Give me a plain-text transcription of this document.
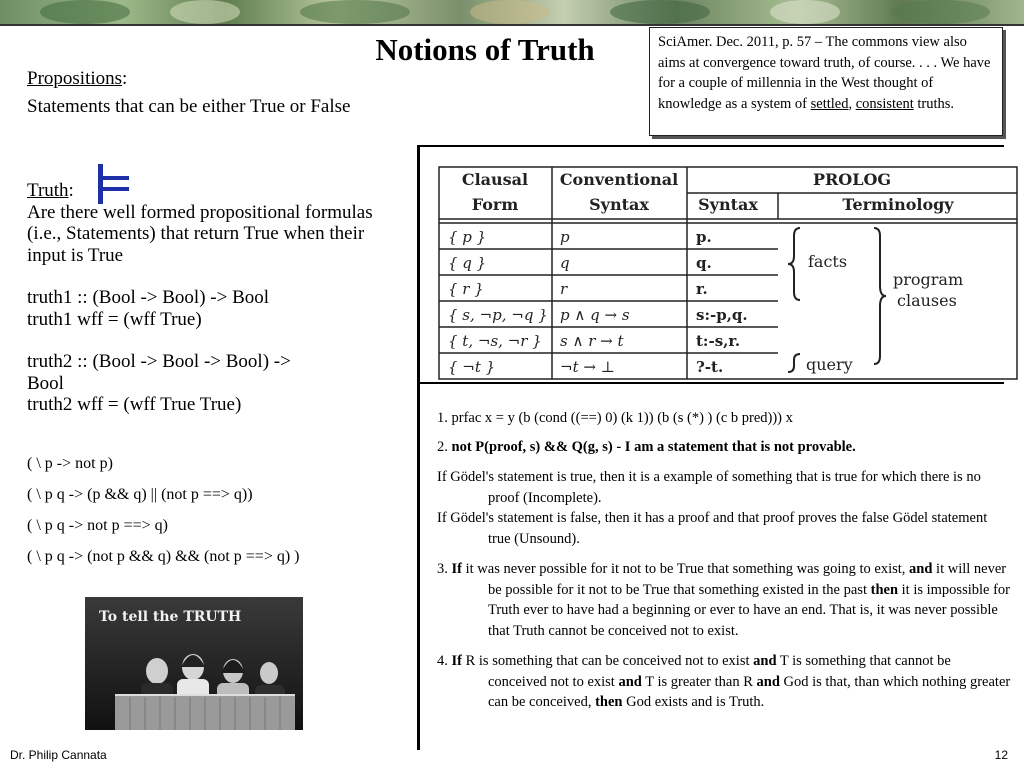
Notions of Truth
Propositions:
Statements that can be either True or False
SciAmer. Dec. 2011, p. 57 – The commons view also aims at convergence toward truth, of course. . . . We have for a couple of millennia in the West thought of knowledge as a system of settled, consistent truths.
Truth:
Are there well formed propositional formulas (i.e., Statements) that return True when their input is True
truth1 :: (Bool -> Bool) -> Bool
truth1 wff = (wff True)
truth2 :: (Bool -> Bool -> Bool) ->
Bool
truth2 wff = (wff True True)
( \ p -> not p)
( \ p q -> (p && q) || (not p ==> q))
( \ p q -> not p ==> q)
( \ p q -> (not p && q) && (not p ==> q) )
To tell the TRUTH
Clausal
Form
Conventional
Syntax
PROLOG
Syntax	Terminology
{ p }
{ q }
{ r }
{ s, ¬p, ¬q }
{ t, ¬s, ¬r }
{ ¬t }
p
q
r
p ∧ q → s
s ∧ r → t
¬t → ⊥
p.
q.
r.
s:-p,q.
t:-s,r.
?-t.
facts
program
clauses
query

1. prfac x = y (b (cond ((==) 0) (k 1)) (b (s (*) ) (c b pred))) x

2. not P(proof, s) && Q(g, s) - I am a statement that is not provable.

If Gödel's statement is true, then it is a example of something that is true for which there is no proof (Incomplete).

If Gödel's statement is false, then it has a proof and that proof proves the false Gödel statement true (Unsound).

3. If it was never possible for it not to be True that something was going to exist, and it will never be possible for it not to be True that something existed in the past then it is impossible for Truth ever to have had a beginning or ever to have an end. That is, it was never possible that Truth cannot be conceived not to exist.

4. If R is something that can be conceived not to exist and T is something that cannot be conceived not to exist and T is greater than R and God is that, than which nothing greater can be conceived, then God exists and is Truth.

Dr. Philip Cannata	12
